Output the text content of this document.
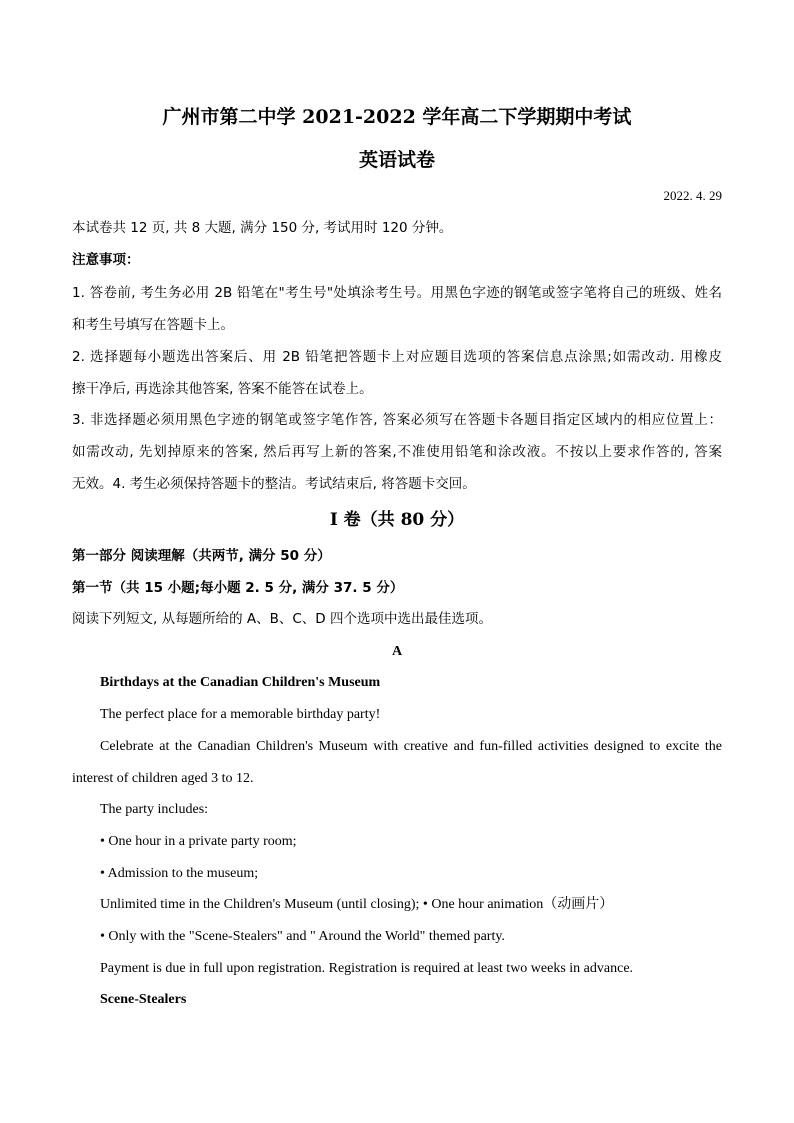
广州市第二中学 2021-2022 学年高二下学期期中考试
英语试卷
2022. 4. 29
本试卷共 12 页, 共 8 大题, 满分 150 分, 考试用时 120 分钟。
注意事项：
1. 答卷前, 考生务必用 2B 铅笔在"考生号"处填涂考生号。用黑色字迹的钢笔或签字笔将自己的班级、姓名
和考生号填写在答题卡上。
2. 选择题每小题选出答案后、用 2B 铅笔把答题卡上对应题目选项的答案信息点涂黑;如需改动. 用橡皮
擦干净后, 再选涂其他答案, 答案不能答在试卷上。
3. 非选择题必须用黑色字迹的钢笔或签字笔作答, 答案必须写在答题卡各题目指定区域内的相应位置上：
如需改动, 先划掉原来的答案, 然后再写上新的答案,不准使用铅笔和涂改液。不按以上要求作答的, 答案
无效。4. 考生必须保持答题卡的整洁。考试结束后, 将答题卡交回。
I 卷（共 80 分）
第一部分 阅读理解（共两节, 满分 50 分）
第一节（共 15 小题;每小题 2. 5 分, 满分 37. 5 分）
阅读下列短文, 从每题所给的 A、B、C、D 四个选项中选出最佳选项。
A
Birthdays at the Canadian Children's Museum
The perfect place for a memorable birthday party!
Celebrate at the Canadian Children's Museum with creative and fun-filled activities designed to excite the
interest of children aged 3 to 12.
The party includes:
• One hour in a private party room;
• Admission to the museum;
Unlimited time in the Children's Museum (until closing); • One hour animation（动画片）
• Only with the "Scene-Stealers" and " Around the World" themed party.
Payment is due in full upon registration. Registration is required at least two weeks in advance.
Scene-Stealers
